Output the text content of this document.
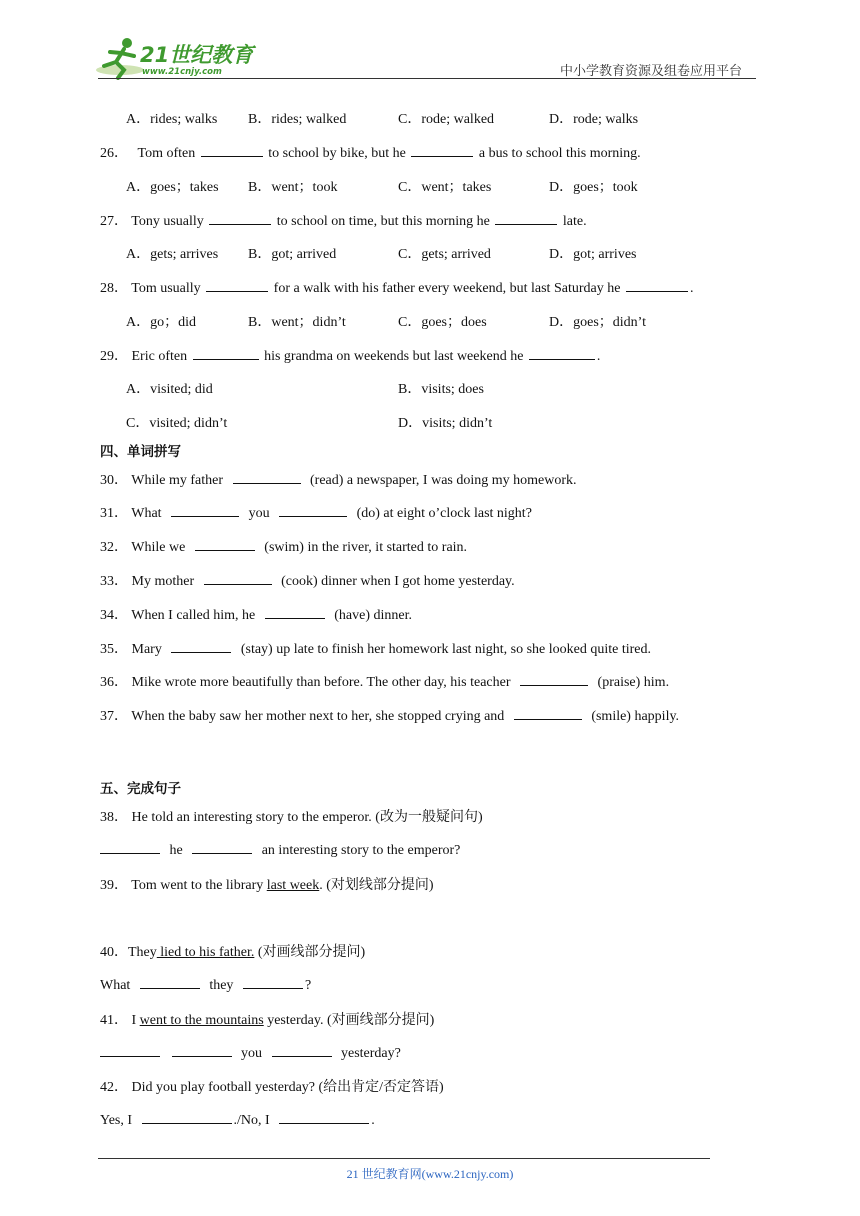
21世纪教育
www.21cnjy.com	中小学教育资源及组卷应用平台
A．rides; walks B．rides; walked	C．rode; walked	D．rode; walks
26． Tom often	to school by bike, but he	a bus to school this morning.
A．goes；takes B．went；took	C．went；takes	D．goes；took
27． Tony usually	to school on time, but this morning he	late.
A．gets; arrives B．got; arrived	C．gets; arrived	D．got; arrives
28． Tom usually	for a walk with his father every weekend, but last Saturday he	.
A．go；did	B．went；didn’t	C．goes；does	D．goes；didn’t
29． Eric often	his grandma on weekends but last weekend he	.
A．visited; did	B．visits; does
C．visited; didn’t	D．visits; didn’t
四、单词拼写
30． While my father	(read) a newspaper, I was doing my homework.
31． What	you	(do) at eight o’clock last night?
32． While we	(swim) in the river, it started to rain.
33． My mother	(cook) dinner when I got home yesterday.
34． When I called him, he	(have) dinner.
35． Mary	(stay) up late to finish her homework last night, so she looked quite tired.
36． Mike wrote more beautifully than before. The other day, his teacher	(praise) him.
37． When the baby saw her mother next to her, she stopped crying and	(smile) happily.
五、完成句子
38． He told an interesting story to the emperor. (改为一般疑问句)
he	an interesting story to the emperor?
39． Tom went to the library last week. (对划线部分提问)
40．They lied to his father. (对画线部分提问)
What	they	?
41． I went to the mountains yesterday. (对画线部分提问)
you	yesterday?
42． Did you play football yesterday? (给出肯定/否定答语)
Yes, I	./No, I	.
21 世纪教育网(www.21cnjy.com)
